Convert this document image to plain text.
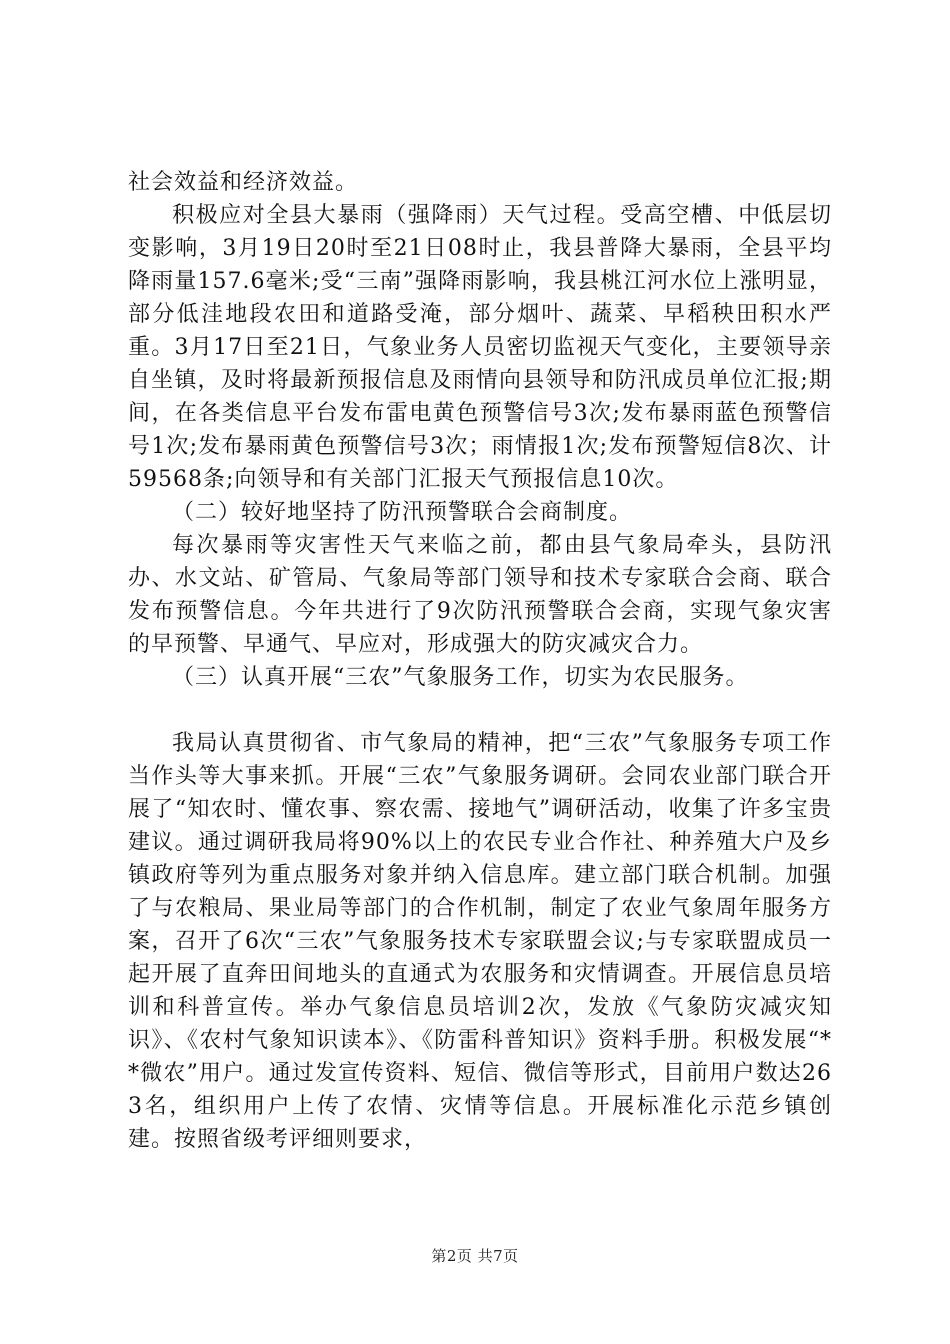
社会效益和经济效益。

积极应对全县大暴雨（强降雨）天气过程。受高空槽、中低层切变影响，3月19日20时至21日08时止，我县普降大暴雨，全县平均降雨量157.6毫米;受“三南”强降雨影响，我县桃江河水位上涨明显，部分低洼地段农田和道路受淹，部分烟叶、蔬菜、早稻秧田积水严重。3月17日至21日，气象业务人员密切监视天气变化，主要领导亲自坐镇，及时将最新预报信息及雨情向县领导和防汛成员单位汇报;期间，在各类信息平台发布雷电黄色预警信号3次;发布暴雨蓝色预警信号1次;发布暴雨黄色预警信号3次；雨情报1次;发布预警短信8次、计59568条;向领导和有关部门汇报天气预报信息10次。

（二）较好地坚持了防汛预警联合会商制度。

每次暴雨等灾害性天气来临之前，都由县气象局牵头，县防汛办、水文站、矿管局、气象局等部门领导和技术专家联合会商、联合发布预警信息。今年共进行了9次防汛预警联合会商，实现气象灾害的早预警、早通气、早应对，形成强大的防灾减灾合力。

（三）认真开展“三农”气象服务工作，切实为农民服务。

我局认真贯彻省、市气象局的精神，把“三农”气象服务专项工作当作头等大事来抓。开展“三农”气象服务调研。会同农业部门联合开展了“知农时、懂农事、察农需、接地气”调研活动，收集了许多宝贵建议。通过调研我局将90%以上的农民专业合作社、种养殖大户及乡镇政府等列为重点服务对象并纳入信息库。建立部门联合机制。加强了与农粮局、果业局等部门的合作机制，制定了农业气象周年服务方案，召开了6次“三农”气象服务技术专家联盟会议;与专家联盟成员一起开展了直奔田间地头的直通式为农服务和灾情调查。开展信息员培训和科普宣传。举办气象信息员培训2次，发放《气象防灾减灾知识》、《农村气象知识读本》、《防雷科普知识》资料手册。积极发展“**微农”用户。通过发宣传资料、短信、微信等形式，目前用户数达263名，组织用户上传了农情、灾情等信息。开展标准化示范乡镇创建。按照省级考评细则要求，

第2页 共7页
